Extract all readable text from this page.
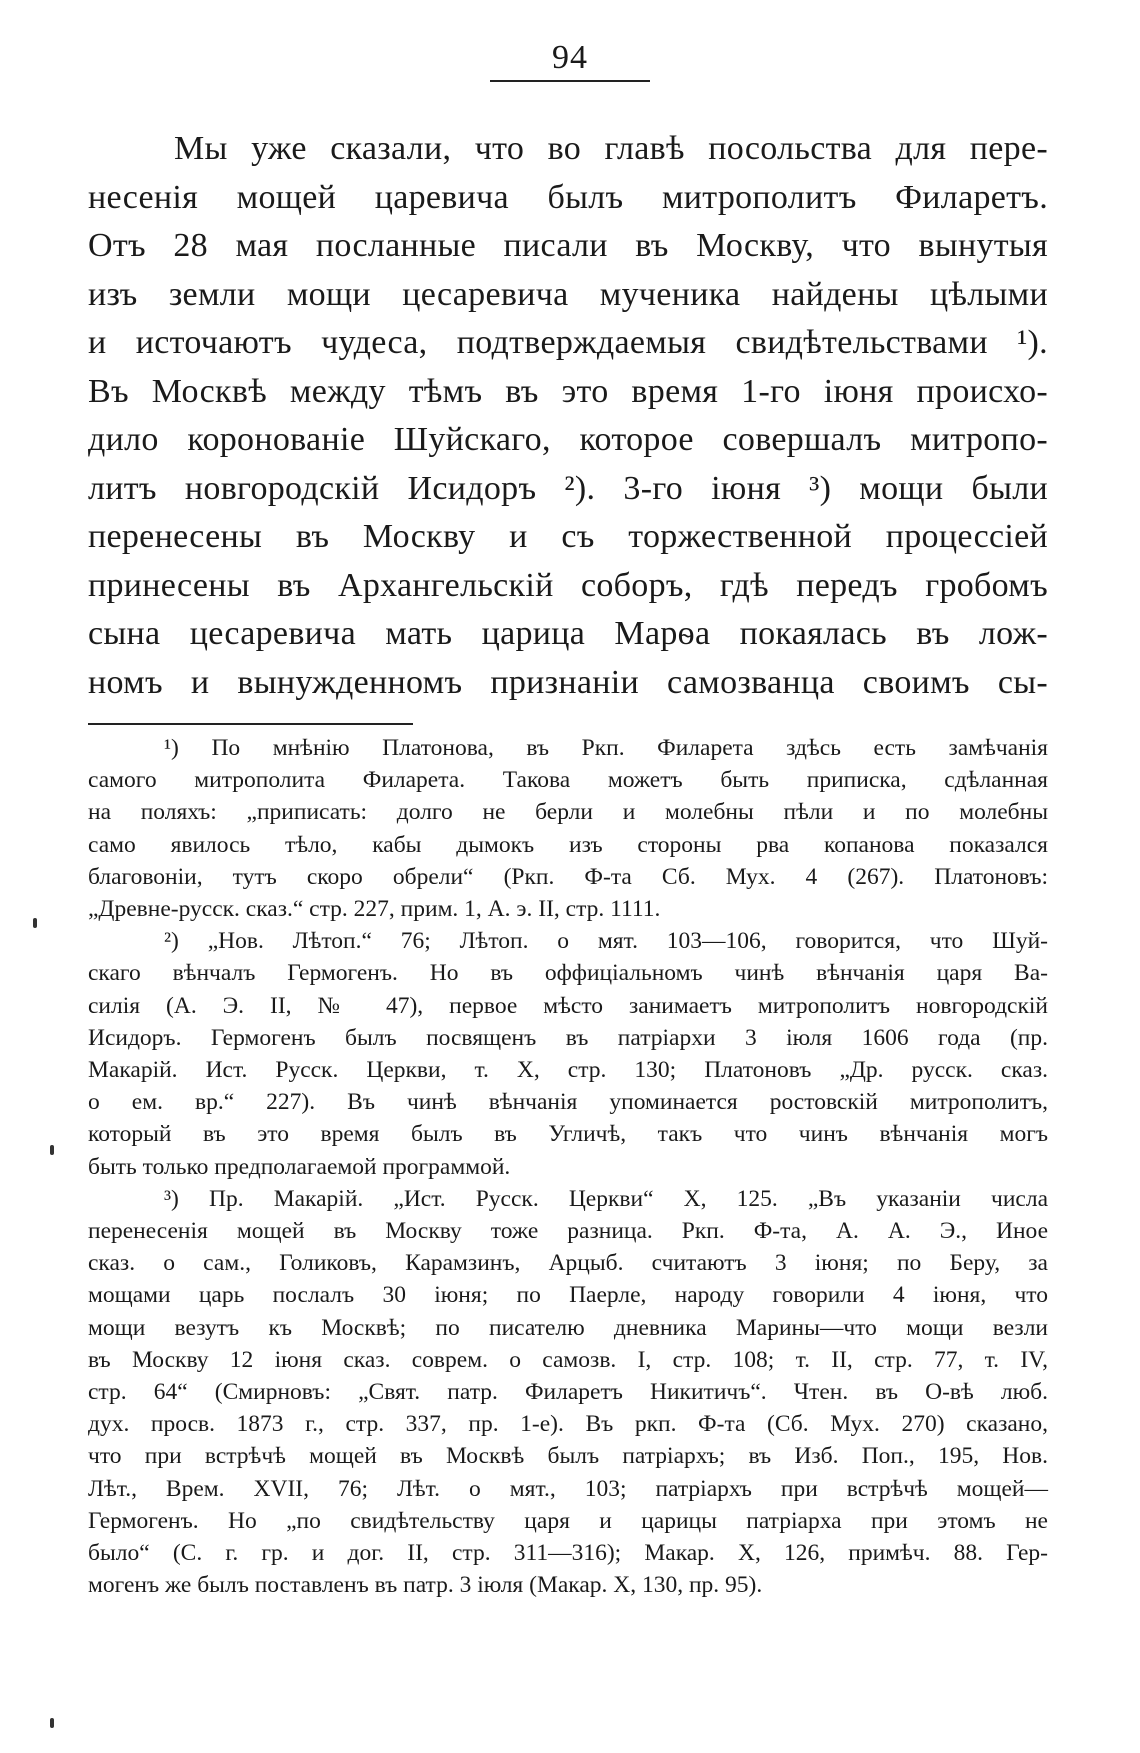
94
Мы уже сказали, что во главѣ посольства для пере-
несенія мощей царевича былъ митрополитъ Филаретъ.
Отъ 28 мая посланные писали въ Москву, что вынутыя
изъ земли мощи цесаревича мученика найдены цѣлыми
и источаютъ чудеса, подтверждаемыя свидѣтельствами ¹).
Въ Москвѣ между тѣмъ въ это время 1-го іюня происхо-
дило коронованіе Шуйскаго, которое совершалъ митропо-
литъ новгородскій Исидоръ ²). 3-го іюня ³) мощи были
перенесены въ Москву и съ торжественной процессіей
принесены въ Архангельскій соборъ, гдѣ передъ гробомъ
сына цесаревича мать царица Марѳа покаялась въ лож-
номъ и вынужденномъ признаніи самозванца своимъ сы-
¹) По мнѣнію Платонова, въ Ркп. Филарета здѣсь есть замѣчанія
самого митрополита Филарета. Такова можетъ быть приписка, сдѣланная
на поляхъ: „приписать: долго не берли и молебны пѣли и по молебны
само явилось тѣло, кабы дымокъ изъ стороны рва копанова показался
благовоніи, тутъ скоро обрели“ (Ркп. Ф-та Сб. Мух. 4 (267). Платоновъ:
„Древне-русск. сказ.“ стр. 227, прим. 1, А. э. II, стр. 1111.
²) „Нов. Лѣтоп.“ 76; Лѣтоп. о мят. 103—106, говорится, что Шуй-
скаго вѣнчалъ Гермогенъ. Но въ оффиціальномъ чинѣ вѣнчанія царя Ва-
силія (А. Э. II, № 47), первое мѣсто занимаетъ митрополитъ новгородскій
Исидоръ. Гермогенъ былъ посвященъ въ патріархи 3 іюля 1606 года (пр.
Макарій. Ист. Русск. Церкви, т. X, стр. 130; Платоновъ „Др. русск. сказ.
о ем. вр.“ 227). Въ чинѣ вѣнчанія упоминается ростовскій митрополитъ,
который въ это время былъ въ Угличѣ, такъ что чинъ вѣнчанія могъ
быть только предполагаемой программой.
³) Пр. Макарій. „Ист. Русск. Церкви“ X, 125. „Въ указаніи числа
перенесенія мощей въ Москву тоже разница. Ркп. Ф-та, А. А. Э., Иное
сказ. о сам., Голиковъ, Карамзинъ, Арцыб. считаютъ 3 іюня; по Беру, за
мощами царь послалъ 30 іюня; по Паерле, народу говорили 4 іюня, что
мощи везутъ къ Москвѣ; по писателю дневника Марины—что мощи везли
въ Москву 12 іюня сказ. соврем. о самозв. I, стр. 108; т. II, стр. 77, т. IV,
стр. 64“ (Смирновъ: „Свят. патр. Филаретъ Никитичъ“. Чтен. въ О-вѣ люб.
дух. просв. 1873 г., стр. 337, пр. 1-е). Въ ркп. Ф-та (Сб. Мух. 270) сказано,
что при встрѣчѣ мощей въ Москвѣ былъ патріархъ; въ Изб. Поп., 195, Нов.
Лѣт., Врем. XVII, 76; Лѣт. о мят., 103; патріархъ при встрѣчѣ мощей—
Гермогенъ. Но „по свидѣтельству царя и царицы патріарха при этомъ не
было“ (С. г. гр. и дог. II, стр. 311—316); Макар. X, 126, примѣч. 88. Гер-
могенъ же былъ поставленъ въ патр. 3 іюля (Макар. X, 130, пр. 95).
